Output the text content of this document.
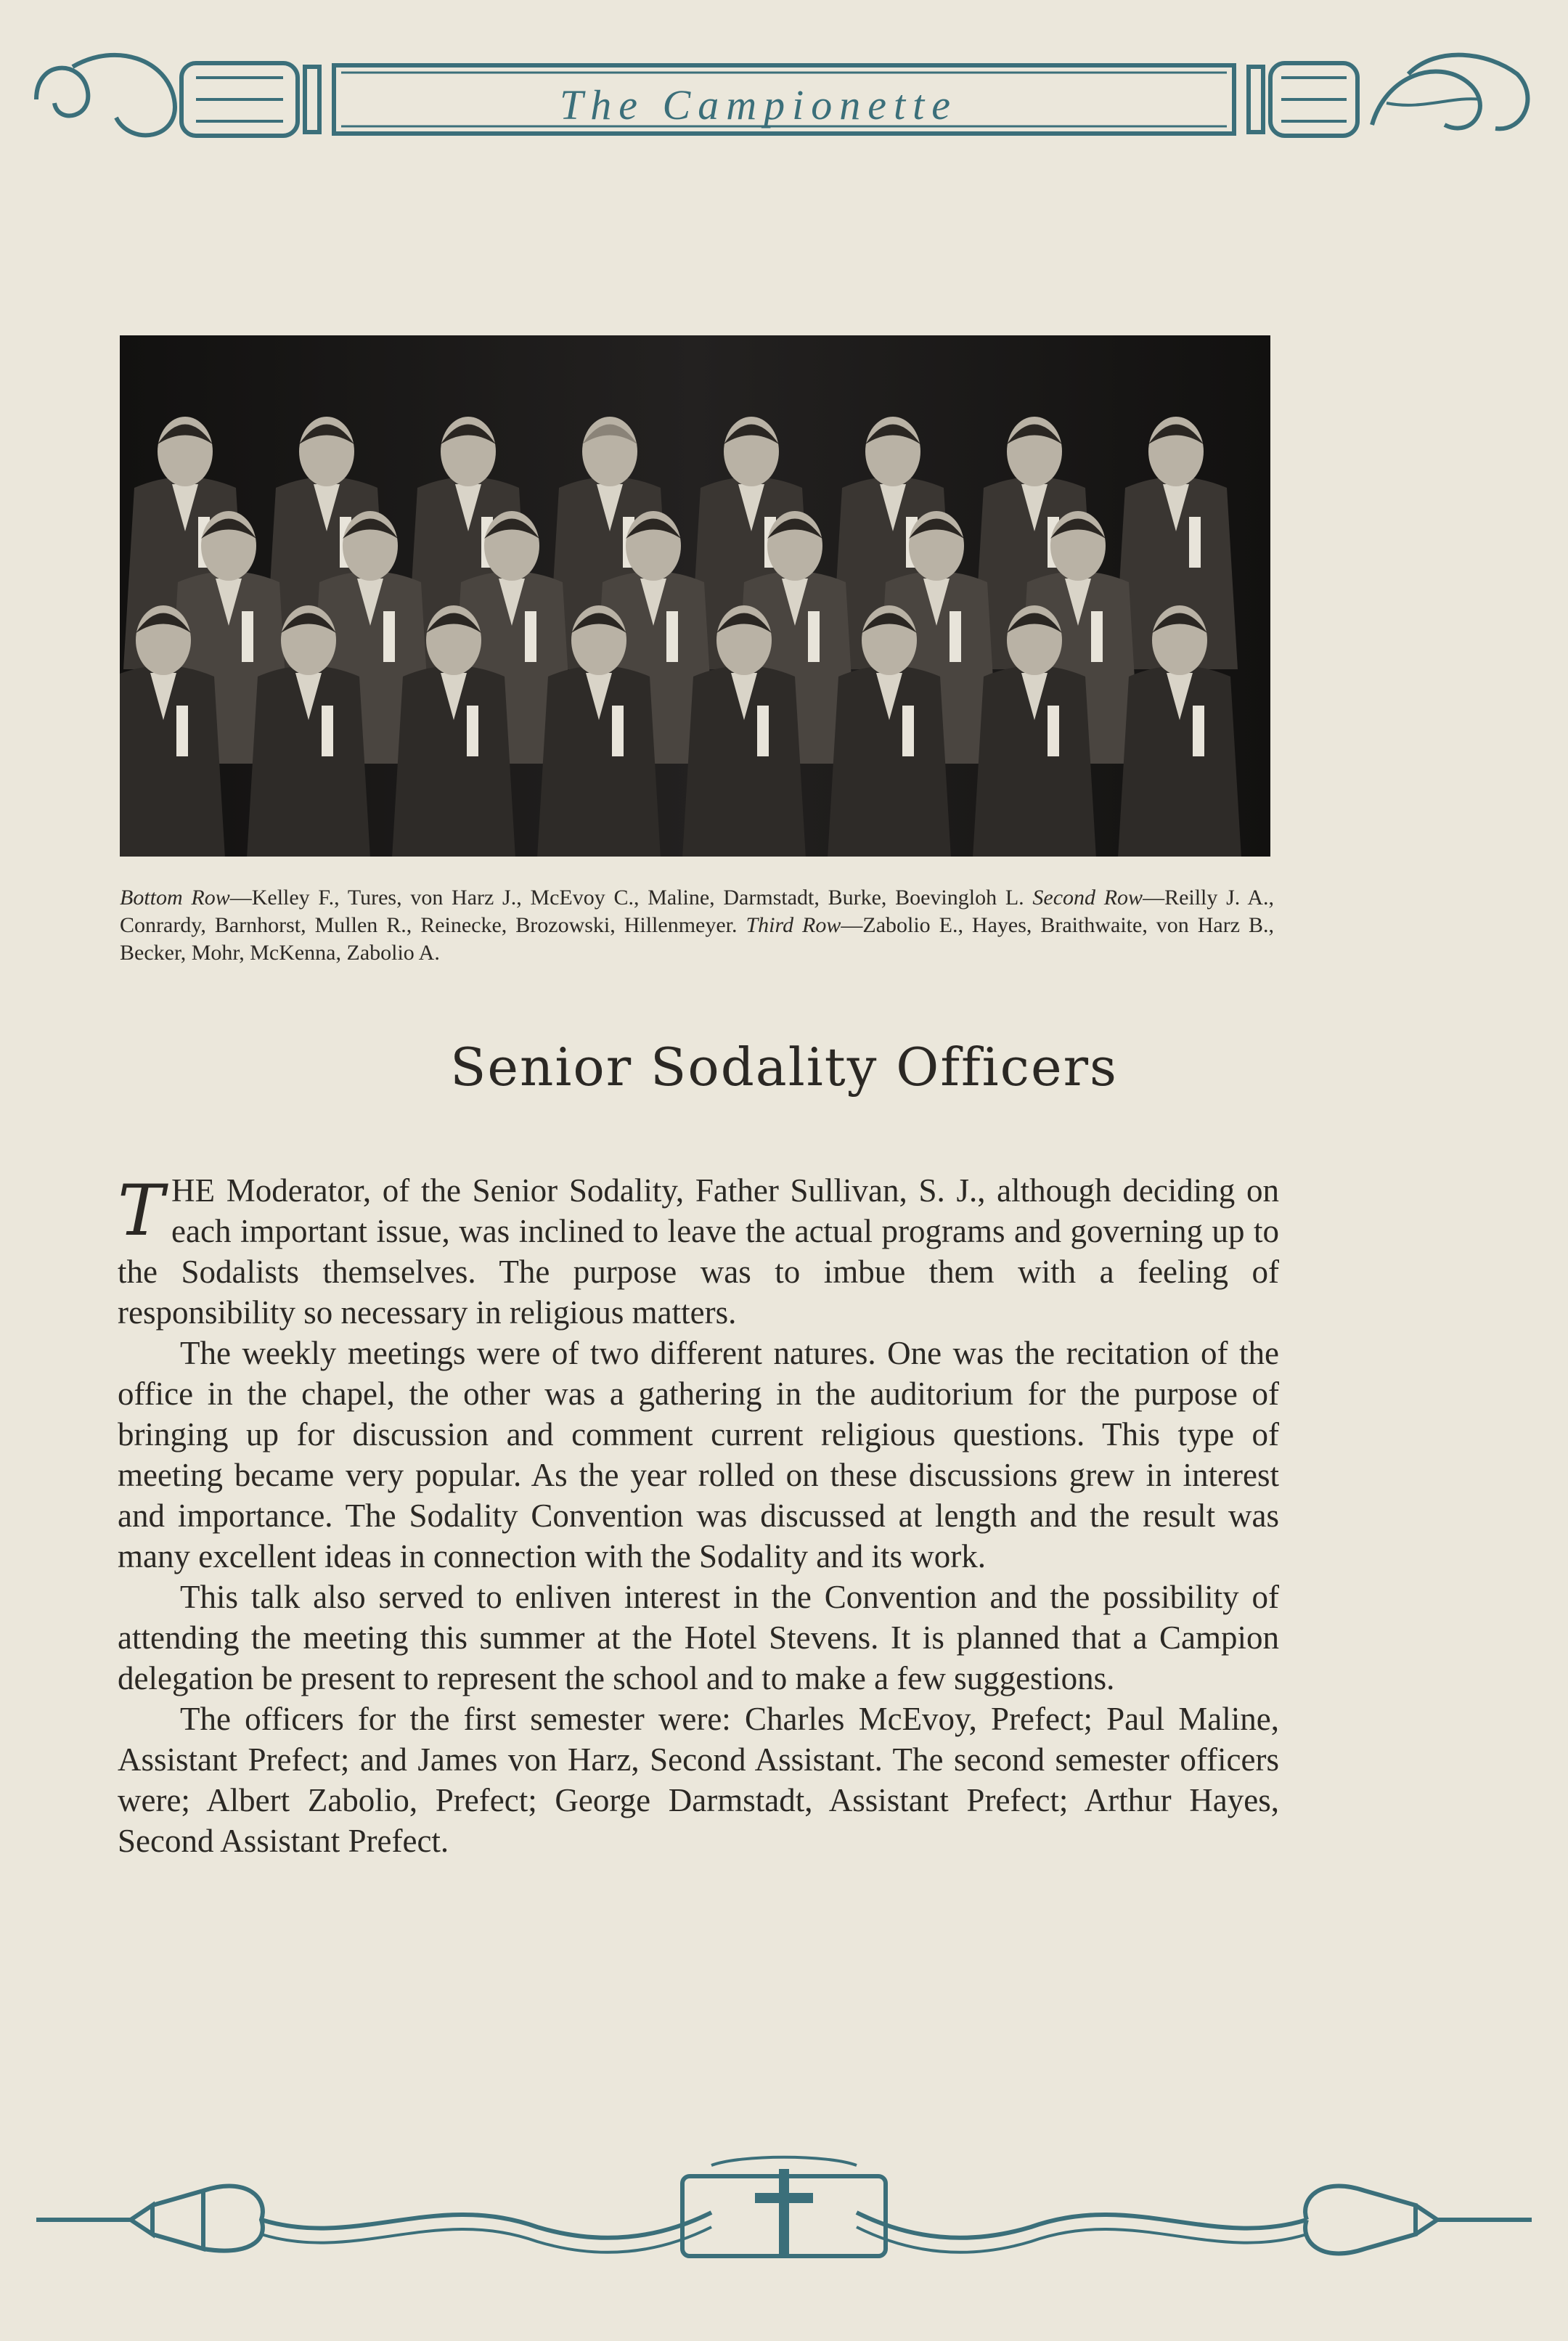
The Campionette
Bottom Row—Kelley F., Tures, von Harz J., McEvoy C., Maline, Darmstadt, Burke, Boevingloh L. Second Row—Reilly J. A., Conrardy, Barnhorst, Mullen R., Reinecke, Brozowski, Hillenmeyer. Third Row—Zabolio E., Hayes, Braithwaite, von Harz B., Becker, Mohr, McKenna, Zabolio A.
Senior Sodality Officers

THE Moderator, of the Senior Sodality, Father Sullivan, S. J., although deciding on each important issue, was inclined to leave the actual programs and governing up to the Sodalists themselves. The purpose was to imbue them with a feeling of responsibility so necessary in religious matters.

The weekly meetings were of two different natures. One was the recitation of the office in the chapel, the other was a gathering in the auditorium for the purpose of bringing up for discussion and comment current religious questions. This type of meeting became very popular. As the year rolled on these discussions grew in interest and importance. The Sodality Convention was discussed at length and the result was many excellent ideas in connection with the Sodality and its work.

This talk also served to enliven interest in the Convention and the possibility of attending the meeting this summer at the Hotel Stevens. It is planned that a Campion delegation be present to represent the school and to make a few suggestions.

The officers for the first semester were: Charles McEvoy, Prefect; Paul Maline, Assistant Prefect; and James von Harz, Second Assistant. The second semester officers were; Albert Zabolio, Prefect; George Darmstadt, Assistant Prefect; Arthur Hayes, Second Assistant Prefect.
